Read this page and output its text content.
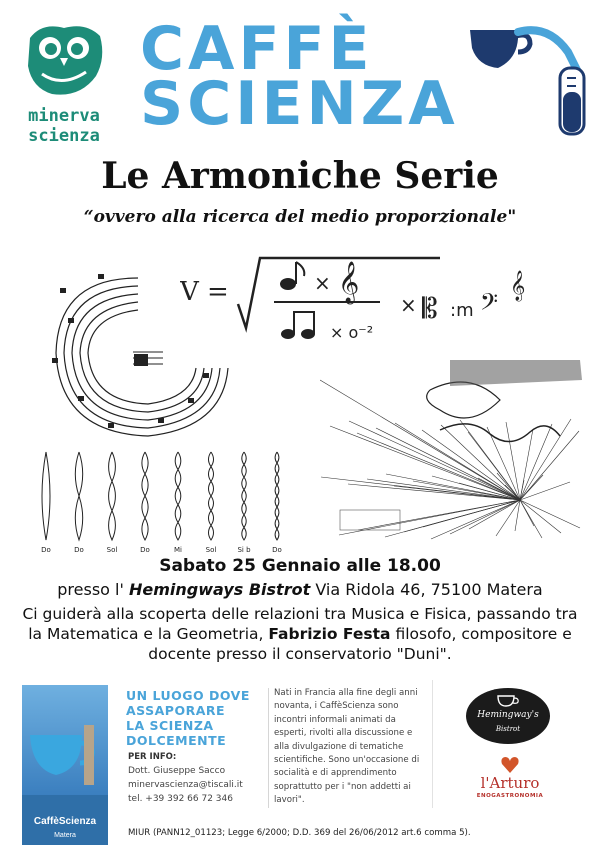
minerva
scienza
CAFFÈ
SCIENZA
Le Armoniche Serie
“ovvero alla ricerca del medio proporzionale"
V =	× 𝄞
× o⁻²
× 𝄡 :m 𝄢
𝄞
Do	Do	Sol	Do	Mi	Sol	Si b	Do
Sabato 25 Gennaio alle 18.00
presso l' Hemingways Bistrot Via Ridola 46, 75100 Matera
Ci guiderà alla scoperta delle relazioni tra Musica e Fisica, passando tra la Matematica e la Geometria, Fabrizio Festa filosofo, compositore e docente presso il conservatorio "Duni".
CaffèScienza
Matera
UN LUOGO DOVE
ASSAPORARE
LA SCIENZA
DOLCEMENTE
PER INFO:
Dott. Giuseppe Sacco
minervascienza@tiscali.it
tel. +39 392 66 72 346
Nati in Francia alla fine degli anni novanta, i CaffèScienza sono incontri informali animati da esperti, rivolti alla discussione e alla divulgazione di tematiche scientifiche. Sono un'occasione di socialità e di apprendimento soprattutto per i "non addetti ai lavori".
Hemingway's
Bistrot
l'Arturo
ENOGASTRONOMIA
MIUR (PANN12_01123; Legge 6/2000; D.D. 369 del 26/06/2012 art.6 comma 5).
